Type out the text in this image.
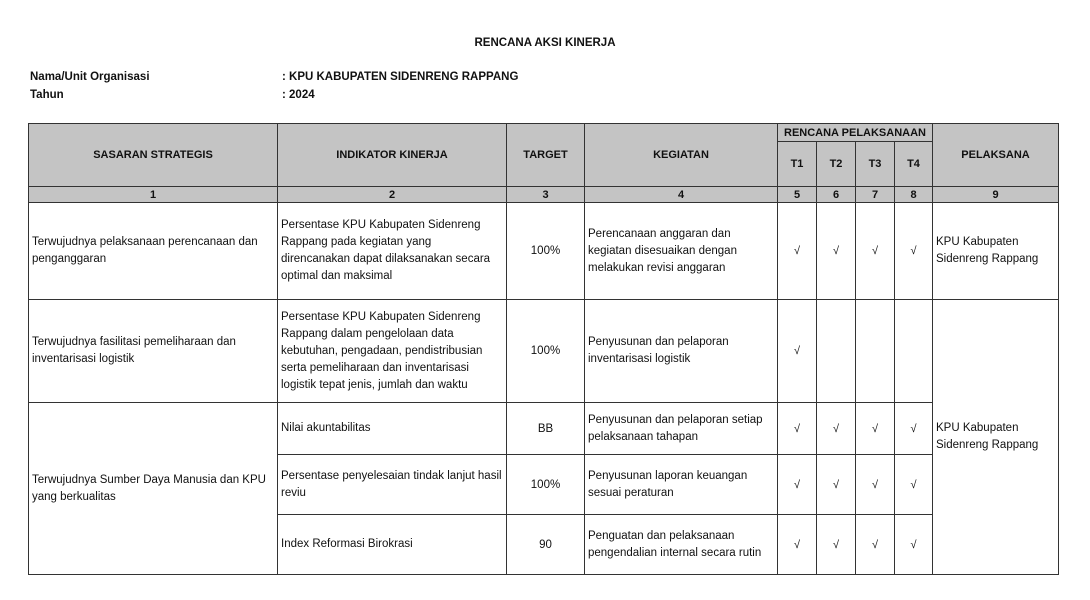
RENCANA AKSI KINERJA
Nama/Unit Organisasi	: KPU KABUPATEN SIDENRENG RAPPANG
Tahun	: 2024
SASARAN STRATEGIS	INDIKATOR KINERJA	TARGET	KEGIATAN	RENCANA PELAKSANAAN				PELAKSANA
				T1	T2	T3	T4	
1	2	3	4	5	6	7	8	9
Terwujudnya pelaksanaan perencanaan dan penganggaran	Persentase KPU Kabupaten Sidenreng Rappang pada kegiatan yang direncanakan dapat dilaksanakan secara optimal dan maksimal	100%	Perencanaan anggaran dan kegiatan disesuaikan dengan melakukan revisi anggaran	√	√	√	√	KPU Kabupaten Sidenreng Rappang
Terwujudnya fasilitasi pemeliharaan dan inventarisasi logistik	Persentase KPU Kabupaten Sidenreng Rappang dalam pengelolaan data kebutuhan, pengadaan, pendistribusian serta pemeliharaan dan inventarisasi logistik tepat jenis, jumlah dan waktu	100%	Penyusunan dan pelaporan inventarisasi logistik	√				KPU Kabupaten Sidenreng Rappang
Terwujudnya Sumber Daya Manusia dan KPU yang berkualitas	Nilai akuntabilitas	BB	Penyusunan dan pelaporan setiap pelaksanaan tahapan	√	√	√	√	
	Persentase penyelesaian tindak lanjut hasil reviu	100%	Penyusunan laporan keuangan sesuai peraturan	√	√	√	√	
	Index Reformasi Birokrasi	90	Penguatan dan pelaksanaan pengendalian internal secara rutin	√	√	√	√	
